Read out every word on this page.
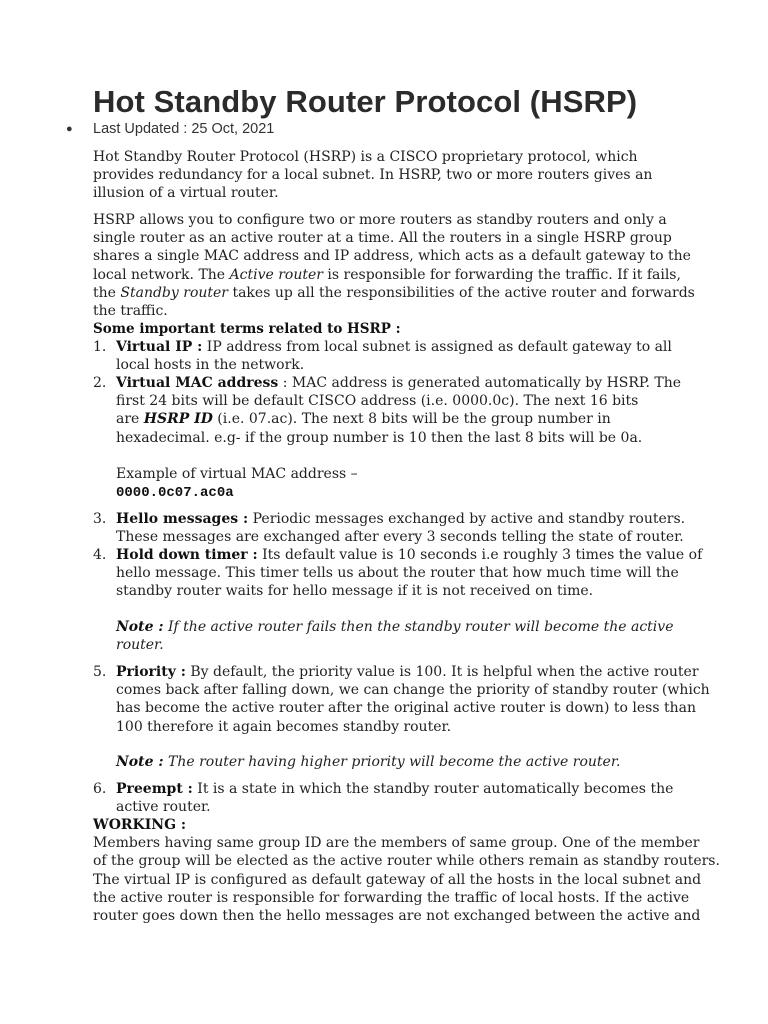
Hot Standby Router Protocol (HSRP)
● Last Updated : 25 Oct, 2021
Hot Standby Router Protocol (HSRP) is a CISCO proprietary protocol, which
provides redundancy for a local subnet. In HSRP, two or more routers gives an
illusion of a virtual router.
HSRP allows you to configure two or more routers as standby routers and only a
single router as an active router at a time. All the routers in a single HSRP group
shares a single MAC address and IP address, which acts as a default gateway to the
local network. The Active router is responsible for forwarding the traffic. If it fails,
the Standby router takes up all the responsibilities of the active router and forwards
the traffic.
Some important terms related to HSRP :
1. Virtual IP : IP address from local subnet is assigned as default gateway to all
local hosts in the network.
2. Virtual MAC address : MAC address is generated automatically by HSRP. The
first 24 bits will be default CISCO address (i.e. 0000.0c). The next 16 bits
are HSRP ID (i.e. 07.ac). The next 8 bits will be the group number in
hexadecimal. e.g- if the group number is 10 then the last 8 bits will be 0a.
Example of virtual MAC address –
0000.0c07.ac0a
3. Hello messages : Periodic messages exchanged by active and standby routers.
These messages are exchanged after every 3 seconds telling the state of router.
4. Hold down timer : Its default value is 10 seconds i.e roughly 3 times the value of
hello message. This timer tells us about the router that how much time will the
standby router waits for hello message if it is not received on time.
Note : If the active router fails then the standby router will become the active
router.
5. Priority : By default, the priority value is 100. It is helpful when the active router
comes back after falling down, we can change the priority of standby router (which
has become the active router after the original active router is down) to less than
100 therefore it again becomes standby router.
Note : The router having higher priority will become the active router.
6. Preempt : It is a state in which the standby router automatically becomes the
active router.
WORKING :
Members having same group ID are the members of same group. One of the member
of the group will be elected as the active router while others remain as standby routers.
The virtual IP is configured as default gateway of all the hosts in the local subnet and
the active router is responsible for forwarding the traffic of local hosts. If the active
router goes down then the hello messages are not exchanged between the active and
